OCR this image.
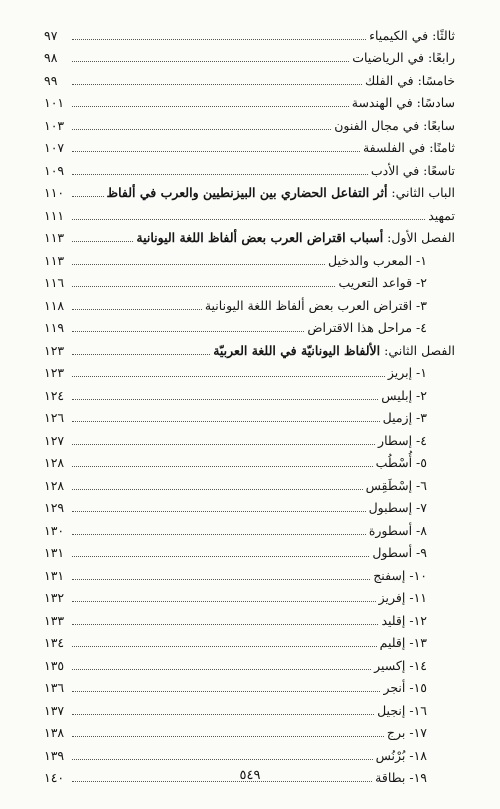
ثالثًا: في الكيمياء
٩٧
رابعًا: في الرياضيات
٩٨
خامسًا: في الفلك
٩٩
سادسًا: في الهندسة
١٠١
سابعًا: في مجال الفنون
١٠٣
ثامنًا: في الفلسفة
١٠٧
تاسعًا: في الأدب
١٠٩
الباب الثاني: أثر التفاعل الحضاري بين البيزنطيين والعرب في ألفاظ
١١٠
تمهيد
١١١
الفصل الأول: أسباب اقتراض العرب بعض ألفاظ اللغة اليونانية
١١٣
١- المعرب والدخيل
١١٣
٢- قواعد التعريب
١١٦
٣- اقتراض العرب بعض ألفاظ اللغة اليونانية
١١٨
٤- مراحل هذا الاقتراض
١١٩
الفصل الثاني: الألفاظ اليونانيّة في اللغة العربيّة
١٢٣
١- إبريز
١٢٣
٢- إبليس
١٢٤
٣- إزميل
١٢٦
٤- إسطار
١٢٧
٥- أُسْطُب
١٢٨
٦- إسْطَقِس
١٢٨
٧- إسطبول
١٢٩
٨- أسطورة
١٣٠
٩- أسطول
١٣١
١٠- إسفنج
١٣١
١١- إفريز
١٣٢
١٢- إقليد
١٣٣
١٣- إقليم
١٣٤
١٤- إكسير
١٣٥
١٥- أنجر
١٣٦
١٦- إنجيل
١٣٧
١٧- برج
١٣٨
١٨- بُرْنُس
١٣٩
١٩- بطاقة
١٤٠	٥٤٩
